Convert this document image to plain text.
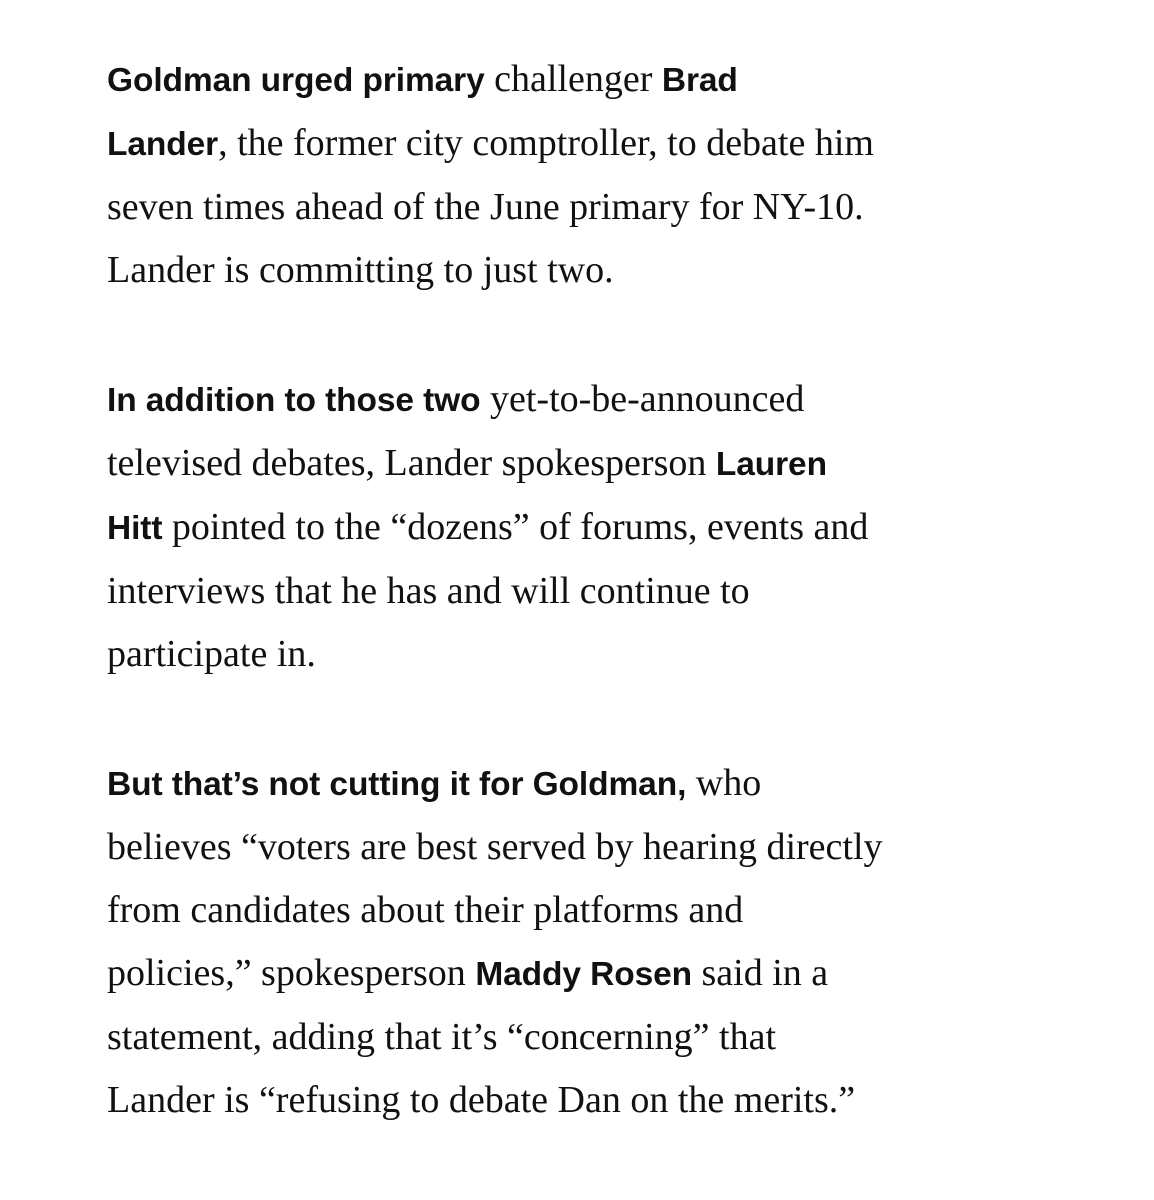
Goldman urged primary challenger Brad
Lander, the former city comptroller, to debate him
seven times ahead of the June primary for NY-10.
Lander is committing to just two.

In addition to those two yet-to-be-announced
televised debates, Lander spokesperson Lauren
Hitt pointed to the “dozens” of forums, events and
interviews that he has and will continue to
participate in.

But that’s not cutting it for Goldman, who
believes “voters are best served by hearing directly
from candidates about their platforms and
policies,” spokesperson Maddy Rosen said in a
statement, adding that it’s “concerning” that
Lander is “refusing to debate Dan on the merits.”
